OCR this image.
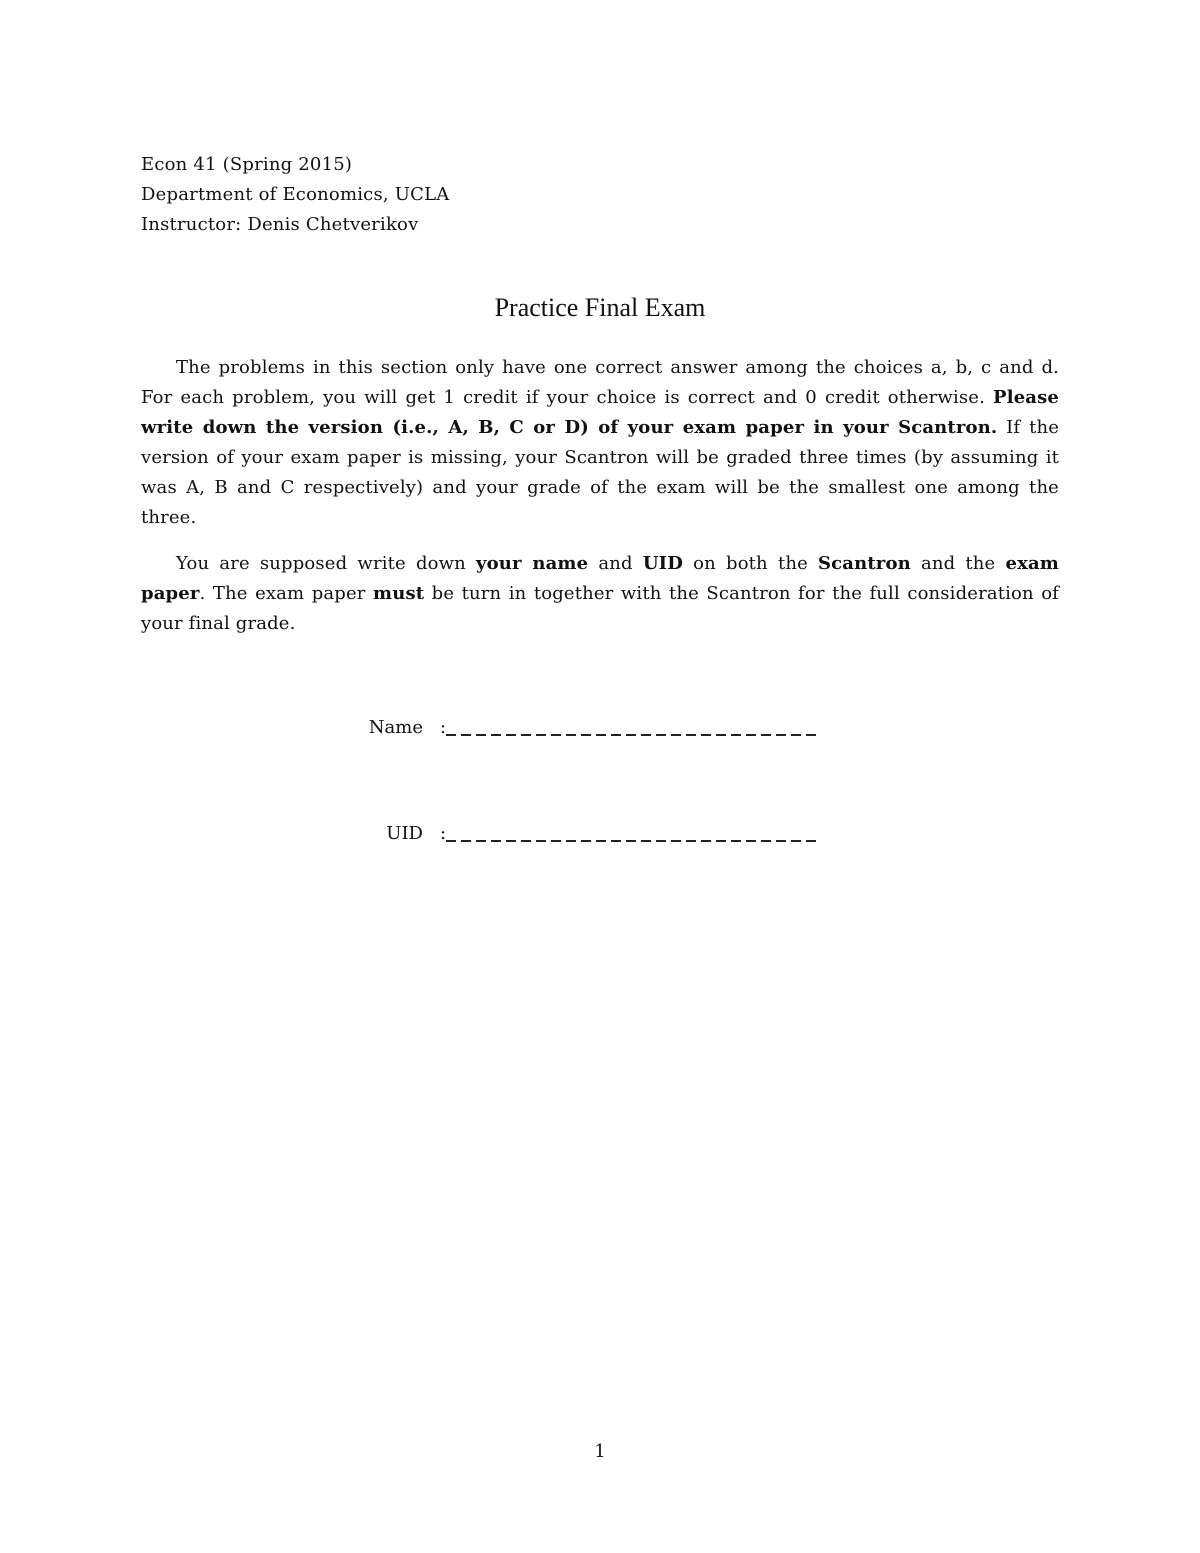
Econ 41 (Spring 2015)
Department of Economics, UCLA
Instructor: Denis Chetverikov
Practice Final Exam
The problems in this section only have one correct answer among the choices a, b, c and d. For each problem, you will get 1 credit if your choice is correct and 0 credit otherwise. Please write down the version (i.e., A, B, C or D) of your exam paper in your Scantron. If the version of your exam paper is missing, your Scantron will be graded three times (by assuming it was A, B and C respectively) and your grade of the exam will be the smallest one among the three.
You are supposed write down your name and UID on both the Scantron and the exam paper. The exam paper must be turn in together with the Scantron for the full consideration of your final grade.
Name :
UID :
1
